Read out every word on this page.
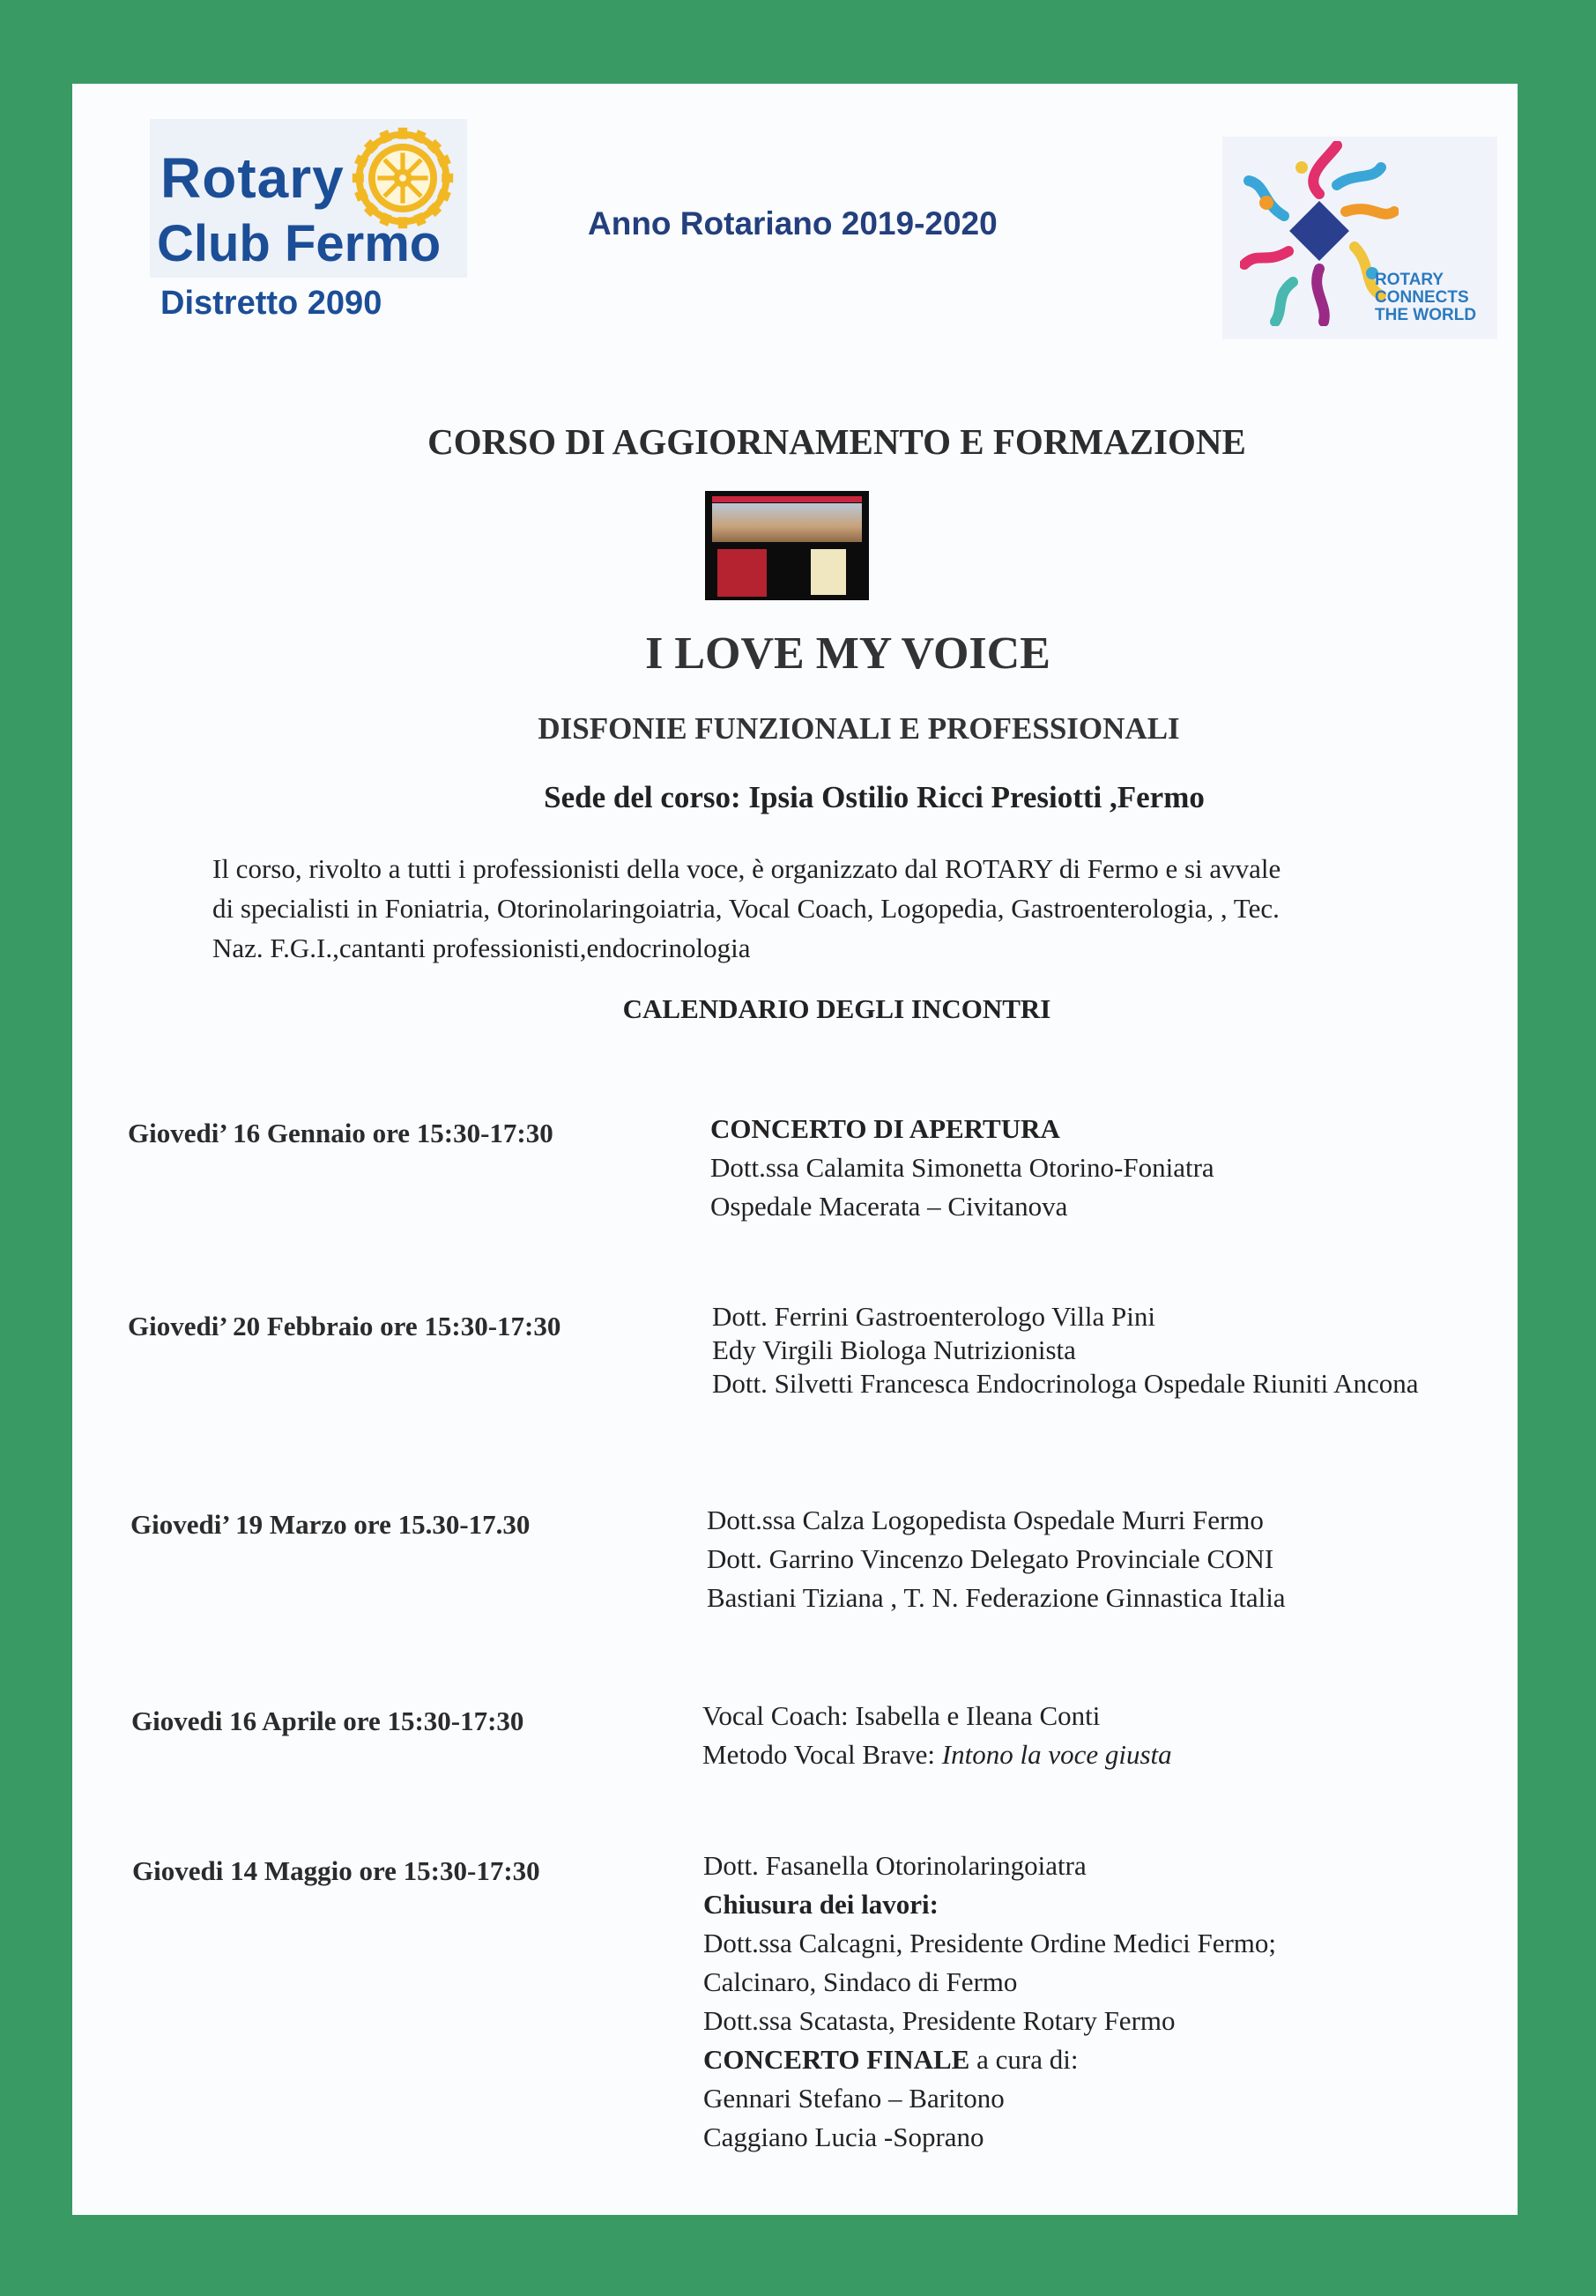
Rotary
Club Fermo
Distretto 2090
Anno Rotariano 2019-2020
ROTARY
CONNECTS
THE WORLD
CORSO DI AGGIORNAMENTO E FORMAZIONE
I LOVE MY VOICE
DISFONIE FUNZIONALI E PROFESSIONALI
Sede del corso: Ipsia Ostilio Ricci Presiotti ,Fermo
Il corso, rivolto a tutti i professionisti della voce, è organizzato dal ROTARY di Fermo e si avvale
di specialisti in Foniatria, Otorinolaringoiatria, Vocal Coach, Logopedia, Gastroenterologia, , Tec.
Naz. F.G.I.,cantanti professionisti,endocrinologia
CALENDARIO DEGLI INCONTRI
Giovedi’ 16 Gennaio ore 15:30-17:30	CONCERTO DI APERTURA
Dott.ssa Calamita Simonetta Otorino-Foniatra
Ospedale Macerata – Civitanova
Giovedi’ 20 Febbraio ore 15:30-17:30	Dott. Ferrini Gastroenterologo Villa Pini
Edy Virgili Biologa Nutrizionista
Dott. Silvetti Francesca Endocrinologa Ospedale Riuniti Ancona
Giovedi’ 19 Marzo ore 15.30-17.30	Dott.ssa Calza Logopedista Ospedale Murri Fermo
Dott. Garrino Vincenzo Delegato Provinciale CONI
Bastiani Tiziana , T. N. Federazione Ginnastica Italia
Giovedi 16 Aprile ore 15:30-17:30	Vocal Coach: Isabella e Ileana Conti
Metodo Vocal Brave: Intono la voce giusta
Giovedi 14 Maggio ore 15:30-17:30	Dott. Fasanella Otorinolaringoiatra
Chiusura dei lavori:
Dott.ssa Calcagni, Presidente Ordine Medici Fermo;
Calcinaro, Sindaco di Fermo
Dott.ssa Scatasta, Presidente Rotary Fermo
CONCERTO FINALE a cura di:
Gennari Stefano – Baritono
Caggiano Lucia -Soprano
